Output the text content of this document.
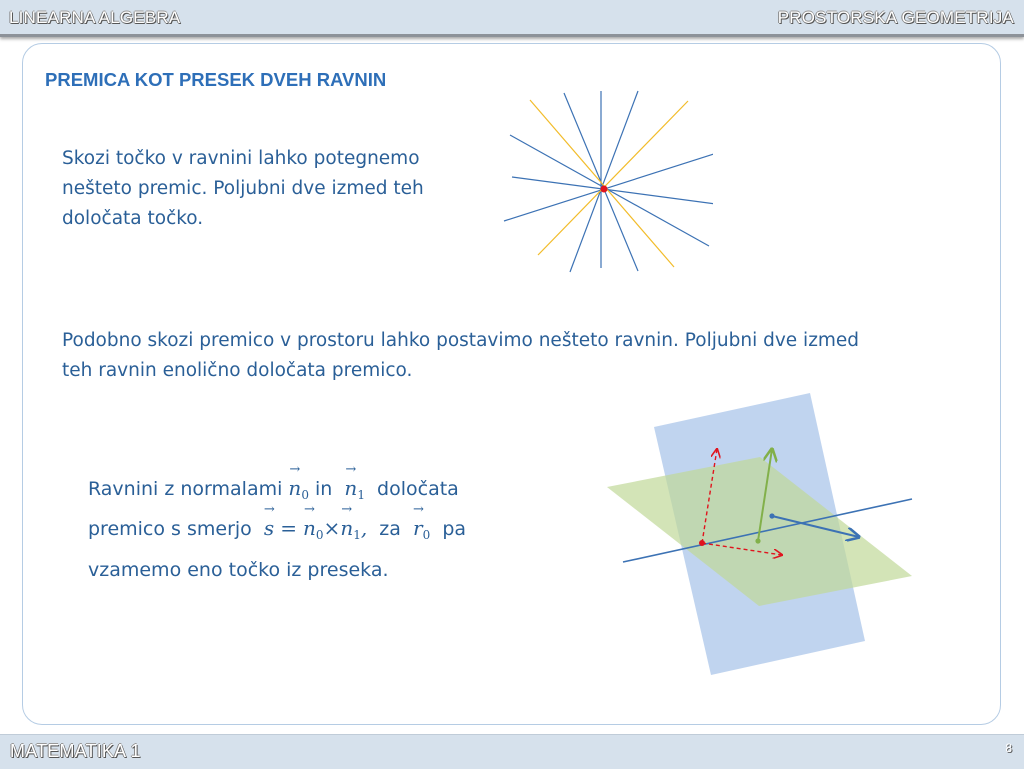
LINEARNA ALGEBRA	PROSTORSKA GEOMETRIJA
PREMICA KOT PRESEK DVEH RAVNIN
Skozi točko v ravnini lahko potegnemo nešteto premic. Poljubni dve izmed teh določata točko.
Podobno skozi premico v prostoru lahko postavimo nešteto ravnin. Poljubni dve izmed teh ravnin enolično določata premico.
Ravnini z normalami → $n_0$ in → $n_1$ določata
premico s smerjo → s = → $n_0\times\to n_1$, za → $r_0$ pa
vzamemo eno točko iz preseka.
MATEMATIKA 1	8
